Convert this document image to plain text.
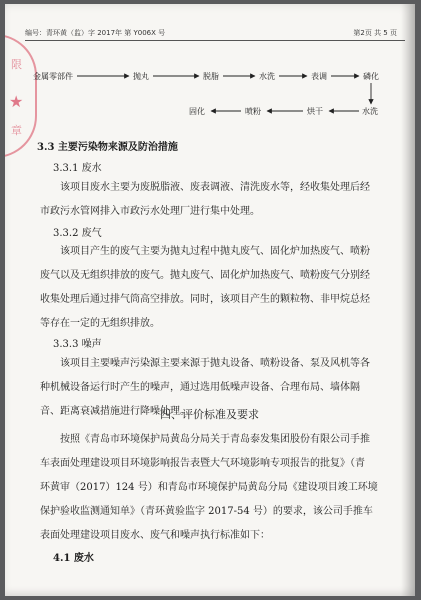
★
限
章
编号：青环黄（监）字 2017年 第 Y006X 号	第2页 共 5 页
金属零部件	抛丸	脱脂	水洗	表调	磷化
水洗
烘干
喷粉
固化
3.3 主要污染物来源及防治措施
3.3.1 废水
该项目废水主要为废脱脂液、废表调液、清洗废水等，经收集处理后经
市政污水管网排入市政污水处理厂进行集中处理。
3.3.2 废气
该项目产生的废气主要为抛丸过程中抛丸废气、固化炉加热废气、喷粉
废气以及无组织排放的废气。抛丸废气、固化炉加热废气、喷粉废气分别经
收集处理后通过排气筒高空排放。同时，该项目产生的颗粒物、非甲烷总烃
等存在一定的无组织排放。
3.3.3 噪声
该项目主要噪声污染源主要来源于抛丸设备、喷粉设备、泵及风机等各
种机械设备运行时产生的噪声，通过选用低噪声设备、合理布局、墙体隔
音、距离衰减措施进行降噪处理。
四、评价标准及要求
按照《青岛市环境保护局黄岛分局关于青岛泰发集团股份有限公司手推
车表面处理建设项目环境影响报告表暨大气环境影响专项报告的批复》（青
环黄审（2017）124 号）和青岛市环境保护局黄岛分局《建设项目竣工环境
保护验收监测通知单》（青环黄验监字 2017-54 号）的要求，该公司手推车
表面处理建设项目废水、废气和噪声执行标准如下：
4.1 废水
